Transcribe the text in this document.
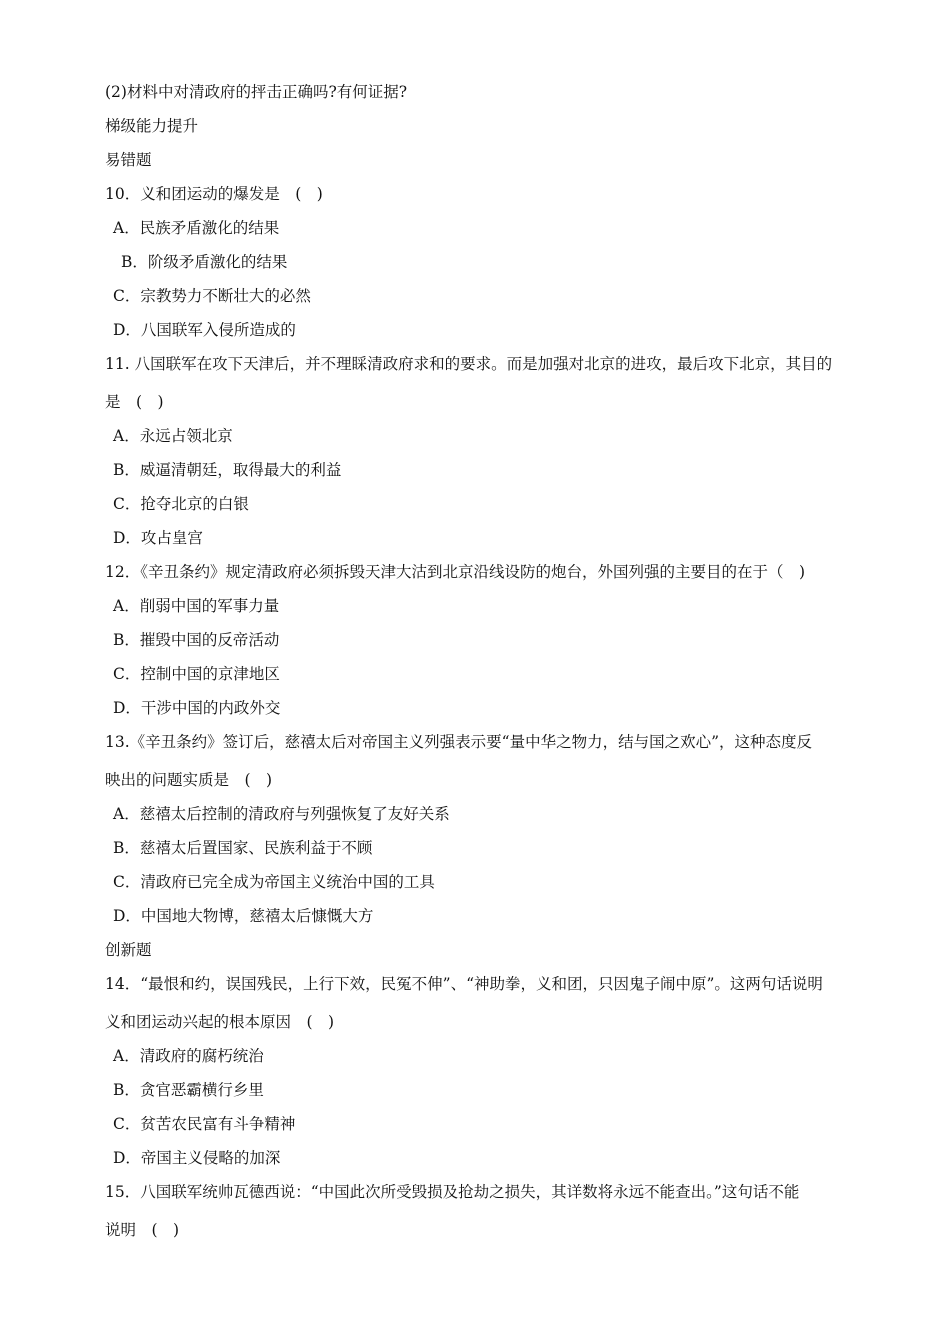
(2)材料中对清政府的抨击正确吗?有何证据?
梯级能力提升
易错题
10．义和团运动的爆发是　(　)
A．民族矛盾激化的结果
B．阶级矛盾激化的结果
C．宗教势力不断壮大的必然
D．八国联军入侵所造成的
11. 八国联军在攻下天津后，并不理睬清政府求和的要求。而是加强对北京的进攻，最后攻下北京，其目的
是　(　)
A．永远占领北京
B．威逼清朝廷，取得最大的利益
C．抢夺北京的白银
D．攻占皇宫
12．《辛丑条约》规定清政府必须拆毁天津大沽到北京沿线设防的炮台，外国列强的主要目的在于（　)
A．削弱中国的军事力量
B．摧毁中国的反帝活动
C．控制中国的京津地区
D．干涉中国的内政外交
13.《辛丑条约》签订后，慈禧太后对帝国主义列强表示要“量中华之物力，结与国之欢心”，这种态度反
映出的问题实质是　(　)
A．慈禧太后控制的清政府与列强恢复了友好关系
B．慈禧太后置国家、民族利益于不顾
C．清政府已完全成为帝国主义统治中国的工具
D．中国地大物博，慈禧太后慷慨大方
创新题
14．“最恨和约，误国残民，上行下效，民冤不伸”、“神助拳，义和团，只因鬼子闹中原”。这两句话说明
义和团运动兴起的根本原因　(　)
A．清政府的腐朽统治
B．贪官恶霸横行乡里
C．贫苦农民富有斗争精神
D．帝国主义侵略的加深
15．八国联军统帅瓦德西说：“中国此次所受毁损及抢劫之损失，其详数将永远不能查出。”这句话不能
说明　(　)
